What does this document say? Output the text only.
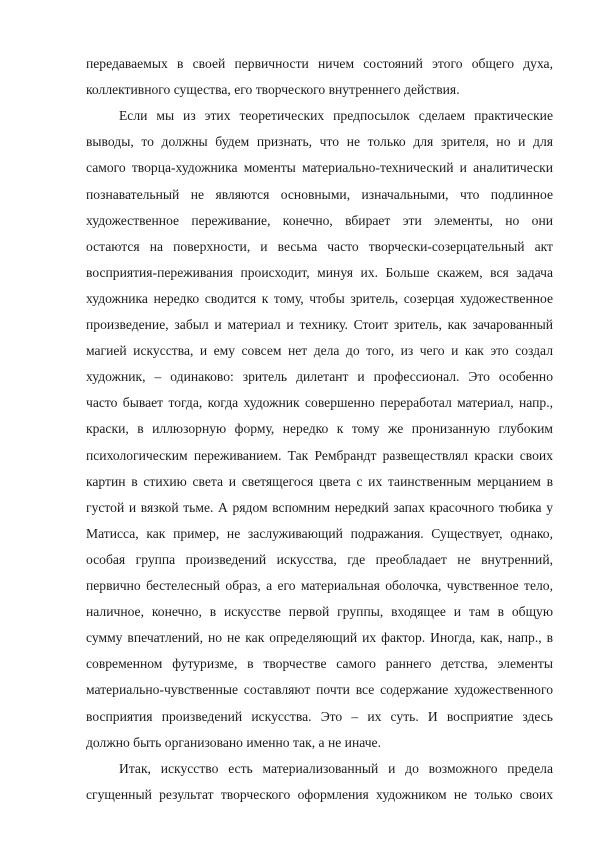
передаваемых в своей первичности ничем состояний этого общего духа,
коллективного существа, его творческого внутреннего действия.
Если мы из этих теоретических предпосылок сделаем практические
выводы, то должны будем признать, что не только для зрителя, но и для
самого творца-художника моменты материально-технический и аналитически
познавательный не являются основными, изначальными, что подлинное
художественное переживание, конечно, вбирает эти элементы, но они
остаются на поверхности, и весьма часто творчески-созерцательный акт
восприятия-переживания происходит, минуя их. Больше скажем, вся задача
художника нередко сводится к тому, чтобы зритель, созерцая художественное
произведение, забыл и материал и технику. Стоит зритель, как зачарованный
магией искусства, и ему совсем нет дела до того, из чего и как это создал
художник, – одинаково: зритель дилетант и профессионал. Это особенно
часто бывает тогда, когда художник совершенно переработал материал, напр.,
краски, в иллюзорную форму, нередко к тому же пронизанную глубоким
психологическим переживанием. Так Рембрандт развеществлял краски своих
картин в стихию света и светящегося цвета с их таинственным мерцанием в
густой и вязкой тьме. А рядом вспомним нередкий запах красочного тюбика у
Матисса, как пример, не заслуживающий подражания. Существует, однако,
особая группа произведений искусства, где преобладает не внутренний,
первично бестелесный образ, а его материальная оболочка, чувственное тело,
наличное, конечно, в искусстве первой группы, входящее и там в общую
сумму впечатлений, но не как определяющий их фактор. Иногда, как, напр., в
современном футуризме, в творчестве самого раннего детства, элементы
материально-чувственные составляют почти все содержание художественного
восприятия произведений искусства. Это – их суть. И восприятие здесь
должно быть организовано именно так, а не иначе.
Итак, искусство есть материализованный и до возможного предела
сгущенный результат творческого оформления художником не только своих
